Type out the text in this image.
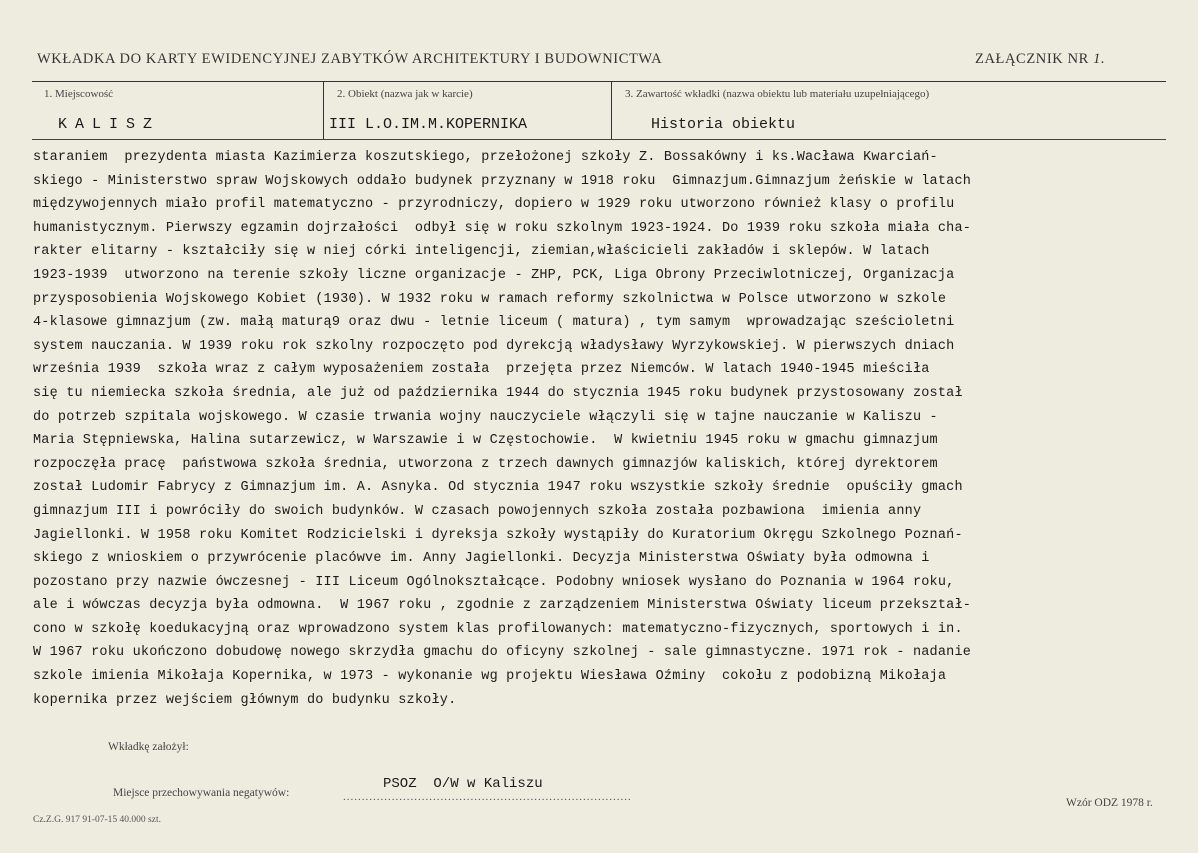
WKŁADKA DO KARTY EWIDENCYJNEJ ZABYTKÓW ARCHITEKTURY I BUDOWNICTWA	ZAŁĄCZNIK NR 1.
1. Miejscowość
KALISZ
2. Obiekt (nazwa jak w karcie)
III L.O.IM.M.KOPERNIKA
3. Zawartość wkładki (nazwa obiektu lub materiału uzupełniającego)
Historia obiektu
staraniem  prezydenta miasta Kazimierza koszutskiego, przełożonej szkoły Z. Bossakówny i ks.Wacława Kwarciań-
skiego - Ministerstwo spraw Wojskowych oddało budynek przyznany w 1918 roku  Gimnazjum.Gimnazjum żeńskie w latach
międzywojennych miało profil matematyczno - przyrodniczy, dopiero w 1929 roku utworzono również klasy o profilu
humanistycznym. Pierwszy egzamin dojrzałości  odbył się w roku szkolnym 1923-1924. Do 1939 roku szkoła miała cha-
rakter elitarny - kształciły się w niej córki inteligencji, ziemian,właścicieli zakładów i sklepów. W latach
1923-1939  utworzono na terenie szkoły liczne organizacje - ZHP, PCK, Liga Obrony Przeciwlotniczej, Organizacja
przysposobienia Wojskowego Kobiet (1930). W 1932 roku w ramach reformy szkolnictwa w Polsce utworzono w szkole
4-klasowe gimnazjum (zw. małą maturą9 oraz dwu - letnie liceum ( matura) , tym samym  wprowadzając sześcioletni
system nauczania. W 1939 roku rok szkolny rozpoczęto pod dyrekcją władysławy Wyrzykowskiej. W pierwszych dniach
września 1939  szkoła wraz z całym wyposażeniem została  przejęta przez Niemców. W latach 1940-1945 mieściła
się tu niemiecka szkoła średnia, ale już od października 1944 do stycznia 1945 roku budynek przystosowany został
do potrzeb szpitala wojskowego. W czasie trwania wojny nauczyciele włączyli się w tajne nauczanie w Kaliszu -
Maria Stępniewska, Halina sutarzewicz, w Warszawie i w Częstochowie.  W kwietniu 1945 roku w gmachu gimnazjum
rozpoczęła pracę  państwowa szkoła średnia, utworzona z trzech dawnych gimnazjów kaliskich, której dyrektorem
został Ludomir Fabrycy z Gimnazjum im. A. Asnyka. Od stycznia 1947 roku wszystkie szkoły średnie  opuściły gmach
gimnazjum III i powróciły do swoich budynków. W czasach powojennych szkoła została pozbawiona  imienia anny
Jagiellonki. W 1958 roku Komitet Rodzicielski i dyreksja szkoły wystąpiły do Kuratorium Okręgu Szkolnego Poznań-
skiego z wnioskiem o przywrócenie placówve im. Anny Jagiellonki. Decyzja Ministerstwa Oświaty była odmowna i
pozostano przy nazwie ówczesnej - III Liceum Ogólnokształcące. Podobny wniosek wysłano do Poznania w 1964 roku,
ale i wówczas decyzja była odmowna.  W 1967 roku , zgodnie z zarządzeniem Ministerstwa Oświaty liceum przekształ-
cono w szkołę koedukacyjną oraz wprowadzono system klas profilowanych: matematyczno-fizycznych, sportowych i in.
W 1967 roku ukończono dobudowę nowego skrzydła gmachu do oficyny szkolnej - sale gimnastyczne. 1971 rok - nadanie
szkole imienia Mikołaja Kopernika, w 1973 - wykonanie wg projektu Wiesława Oźminy  cokołu z podobizną Mikołaja
kopernika przez wejściem głównym do budynku szkoły.
Wkładkę założył:
Miejsce przechowywania negatywów:	.............................................................................
PSOZ  O/W w Kaliszu
Cz.Z.G. 917 91-07-15 40.000 szt.
Wzór ODZ 1978 r.
